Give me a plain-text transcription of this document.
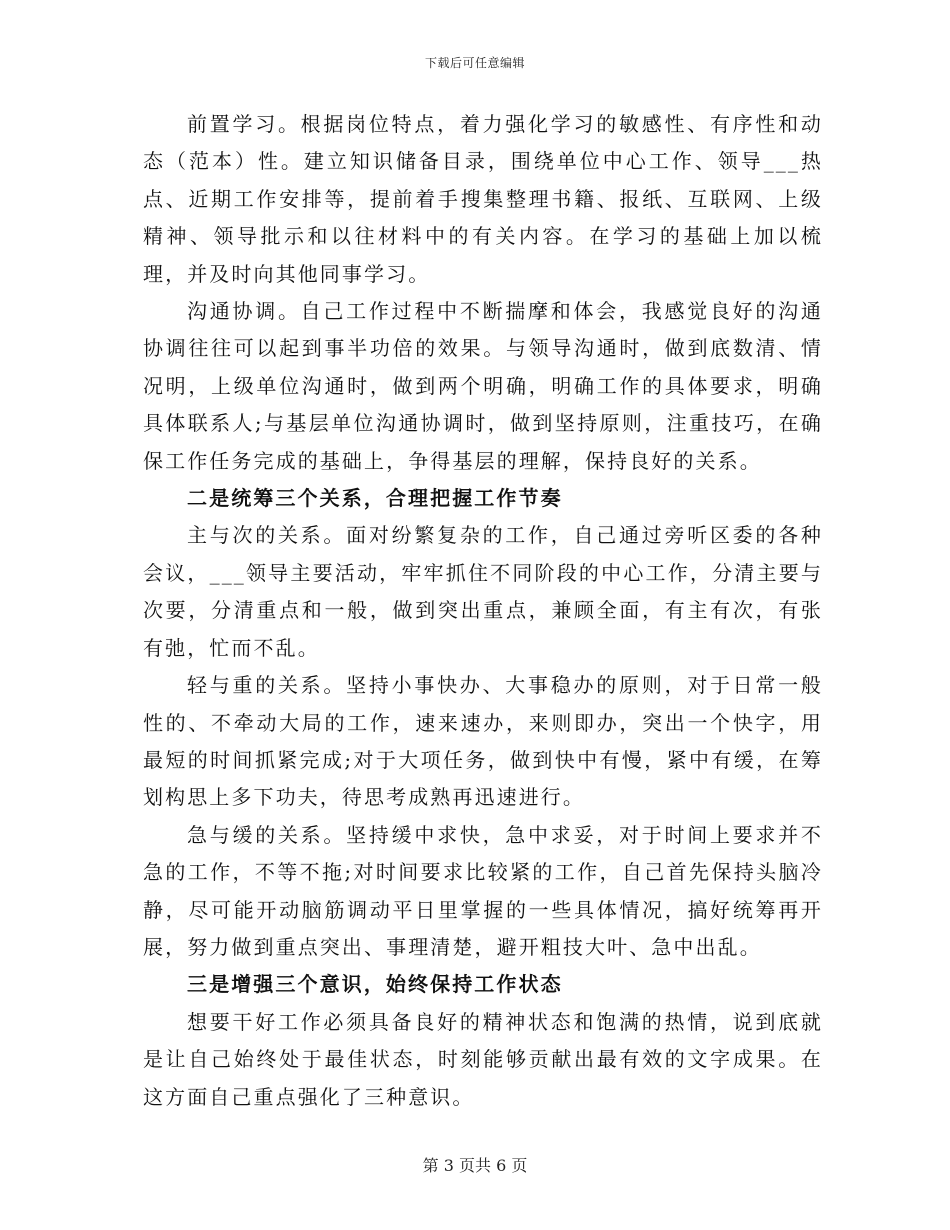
下载后可任意编辑

前置学习。根据岗位特点，着力强化学习的敏感性、有序性和动态（范本）性。建立知识储备目录，围绕单位中心工作、领导___热点、近期工作安排等，提前着手搜集整理书籍、报纸、互联网、上级精神、领导批示和以往材料中的有关内容。在学习的基础上加以梳理，并及时向其他同事学习。

沟通协调。自己工作过程中不断揣摩和体会，我感觉良好的沟通协调往往可以起到事半功倍的效果。与领导沟通时，做到底数清、情况明，上级单位沟通时，做到两个明确，明确工作的具体要求，明确具体联系人;与基层单位沟通协调时，做到坚持原则，注重技巧，在确保工作任务完成的基础上，争得基层的理解，保持良好的关系。

二是统筹三个关系，合理把握工作节奏

主与次的关系。面对纷繁复杂的工作，自己通过旁听区委的各种会议，___领导主要活动，牢牢抓住不同阶段的中心工作，分清主要与次要，分清重点和一般，做到突出重点，兼顾全面，有主有次，有张有弛，忙而不乱。

轻与重的关系。坚持小事快办、大事稳办的原则，对于日常一般性的、不牵动大局的工作，速来速办，来则即办，突出一个快字，用最短的时间抓紧完成;对于大项任务，做到快中有慢，紧中有缓，在筹划构思上多下功夫，待思考成熟再迅速进行。

急与缓的关系。坚持缓中求快，急中求妥，对于时间上要求并不急的工作，不等不拖;对时间要求比较紧的工作，自己首先保持头脑冷静，尽可能开动脑筋调动平日里掌握的一些具体情况，搞好统筹再开展，努力做到重点突出、事理清楚，避开粗技大叶、急中出乱。

三是增强三个意识，始终保持工作状态

想要干好工作必须具备良好的精神状态和饱满的热情，说到底就是让自己始终处于最佳状态，时刻能够贡献出最有效的文字成果。在这方面自己重点强化了三种意识。

第 3 页共 6 页
